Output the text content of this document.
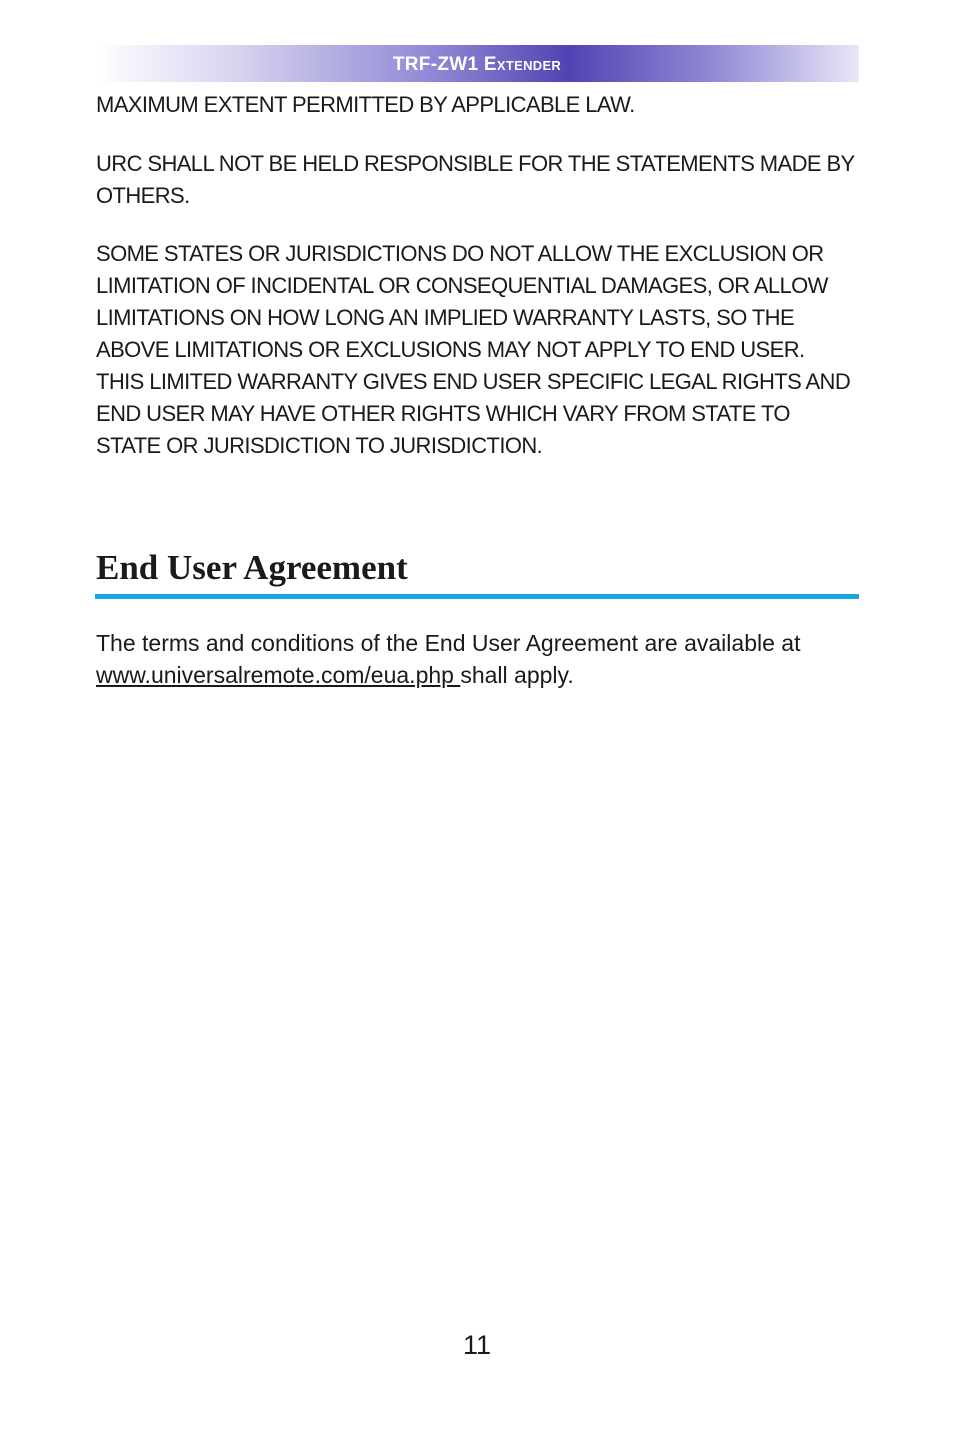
TRF-ZW1 Extender

MAXIMUM EXTENT PERMITTED BY APPLICABLE LAW.

URC SHALL NOT BE HELD RESPONSIBLE FOR THE STATEMENTS MADE BY OTHERS.

SOME STATES OR JURISDICTIONS DO NOT ALLOW THE EXCLUSION OR LIMITATION OF INCIDENTAL OR CONSEQUENTIAL DAMAGES, OR ALLOW LIMITATIONS ON HOW LONG AN IMPLIED WARRANTY LASTS, SO THE ABOVE LIMITATIONS OR EXCLUSIONS MAY NOT APPLY TO END USER. THIS LIMITED WARRANTY GIVES END USER SPECIFIC LEGAL RIGHTS AND END USER MAY HAVE OTHER RIGHTS WHICH VARY FROM STATE TO STATE OR JURISDICTION TO JURISDICTION.

End User Agreement

The terms and conditions of the End User Agreement are available at www.universalremote.com/eua.php shall apply.

11
